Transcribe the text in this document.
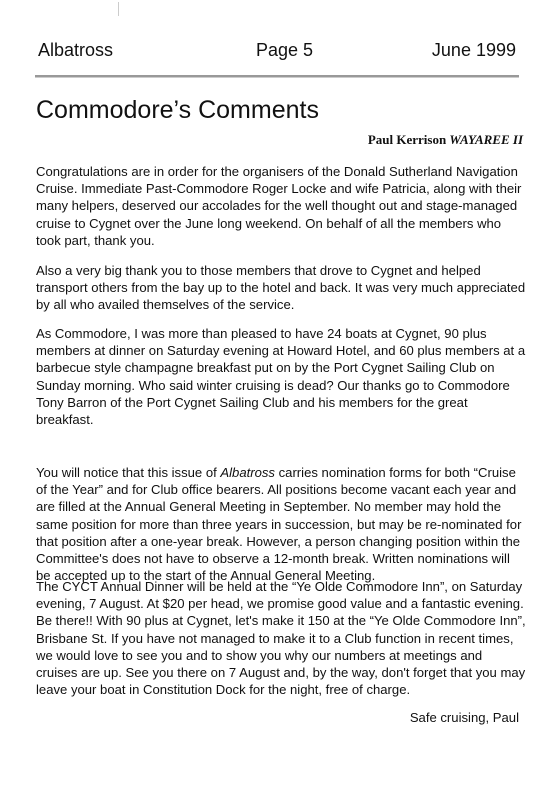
Albatross	Page 5	June 1999
Commodore’s Comments
Paul Kerrison WAYAREE II

Congratulations are in order for the organisers of the Donald Sutherland Navigation Cruise. Immediate Past-Commodore Roger Locke and wife Patricia, along with their many helpers, deserved our accolades for the well thought out and stage-managed cruise to Cygnet over the June long weekend. On behalf of all the members who took part, thank you.

Also a very big thank you to those members that drove to Cygnet and helped transport others from the bay up to the hotel and back. It was very much appreciated by all who availed themselves of the service.

As Commodore, I was more than pleased to have 24 boats at Cygnet, 90 plus members at dinner on Saturday evening at Howard Hotel, and 60 plus members at a barbecue style champagne breakfast put on by the Port Cygnet Sailing Club on Sunday morning. Who said winter cruising is dead? Our thanks go to Commodore Tony Barron of the Port Cygnet Sailing Club and his members for the great breakfast.

You will notice that this issue of Albatross carries nomination forms for both “Cruise of the Year” and for Club office bearers. All positions become vacant each year and are filled at the Annual General Meeting in September. No member may hold the same position for more than three years in succession, but may be re-nominated for that position after a one-year break. However, a person changing position within the Committee's does not have to observe a 12-month break. Written nominations will be accepted up to the start of the Annual General Meeting.

The CYCT Annual Dinner will be held at the “Ye Olde Commodore Inn”, on Saturday evening, 7 August. At $20 per head, we promise good value and a fantastic evening. Be there!! With 90 plus at Cygnet, let's make it 150 at the “Ye Olde Commodore Inn”, Brisbane St. If you have not managed to make it to a Club function in recent times, we would love to see you and to show you why our numbers at meetings and cruises are up. See you there on 7 August and, by the way, don't forget that you may leave your boat in Constitution Dock for the night, free of charge.

Safe cruising, Paul
